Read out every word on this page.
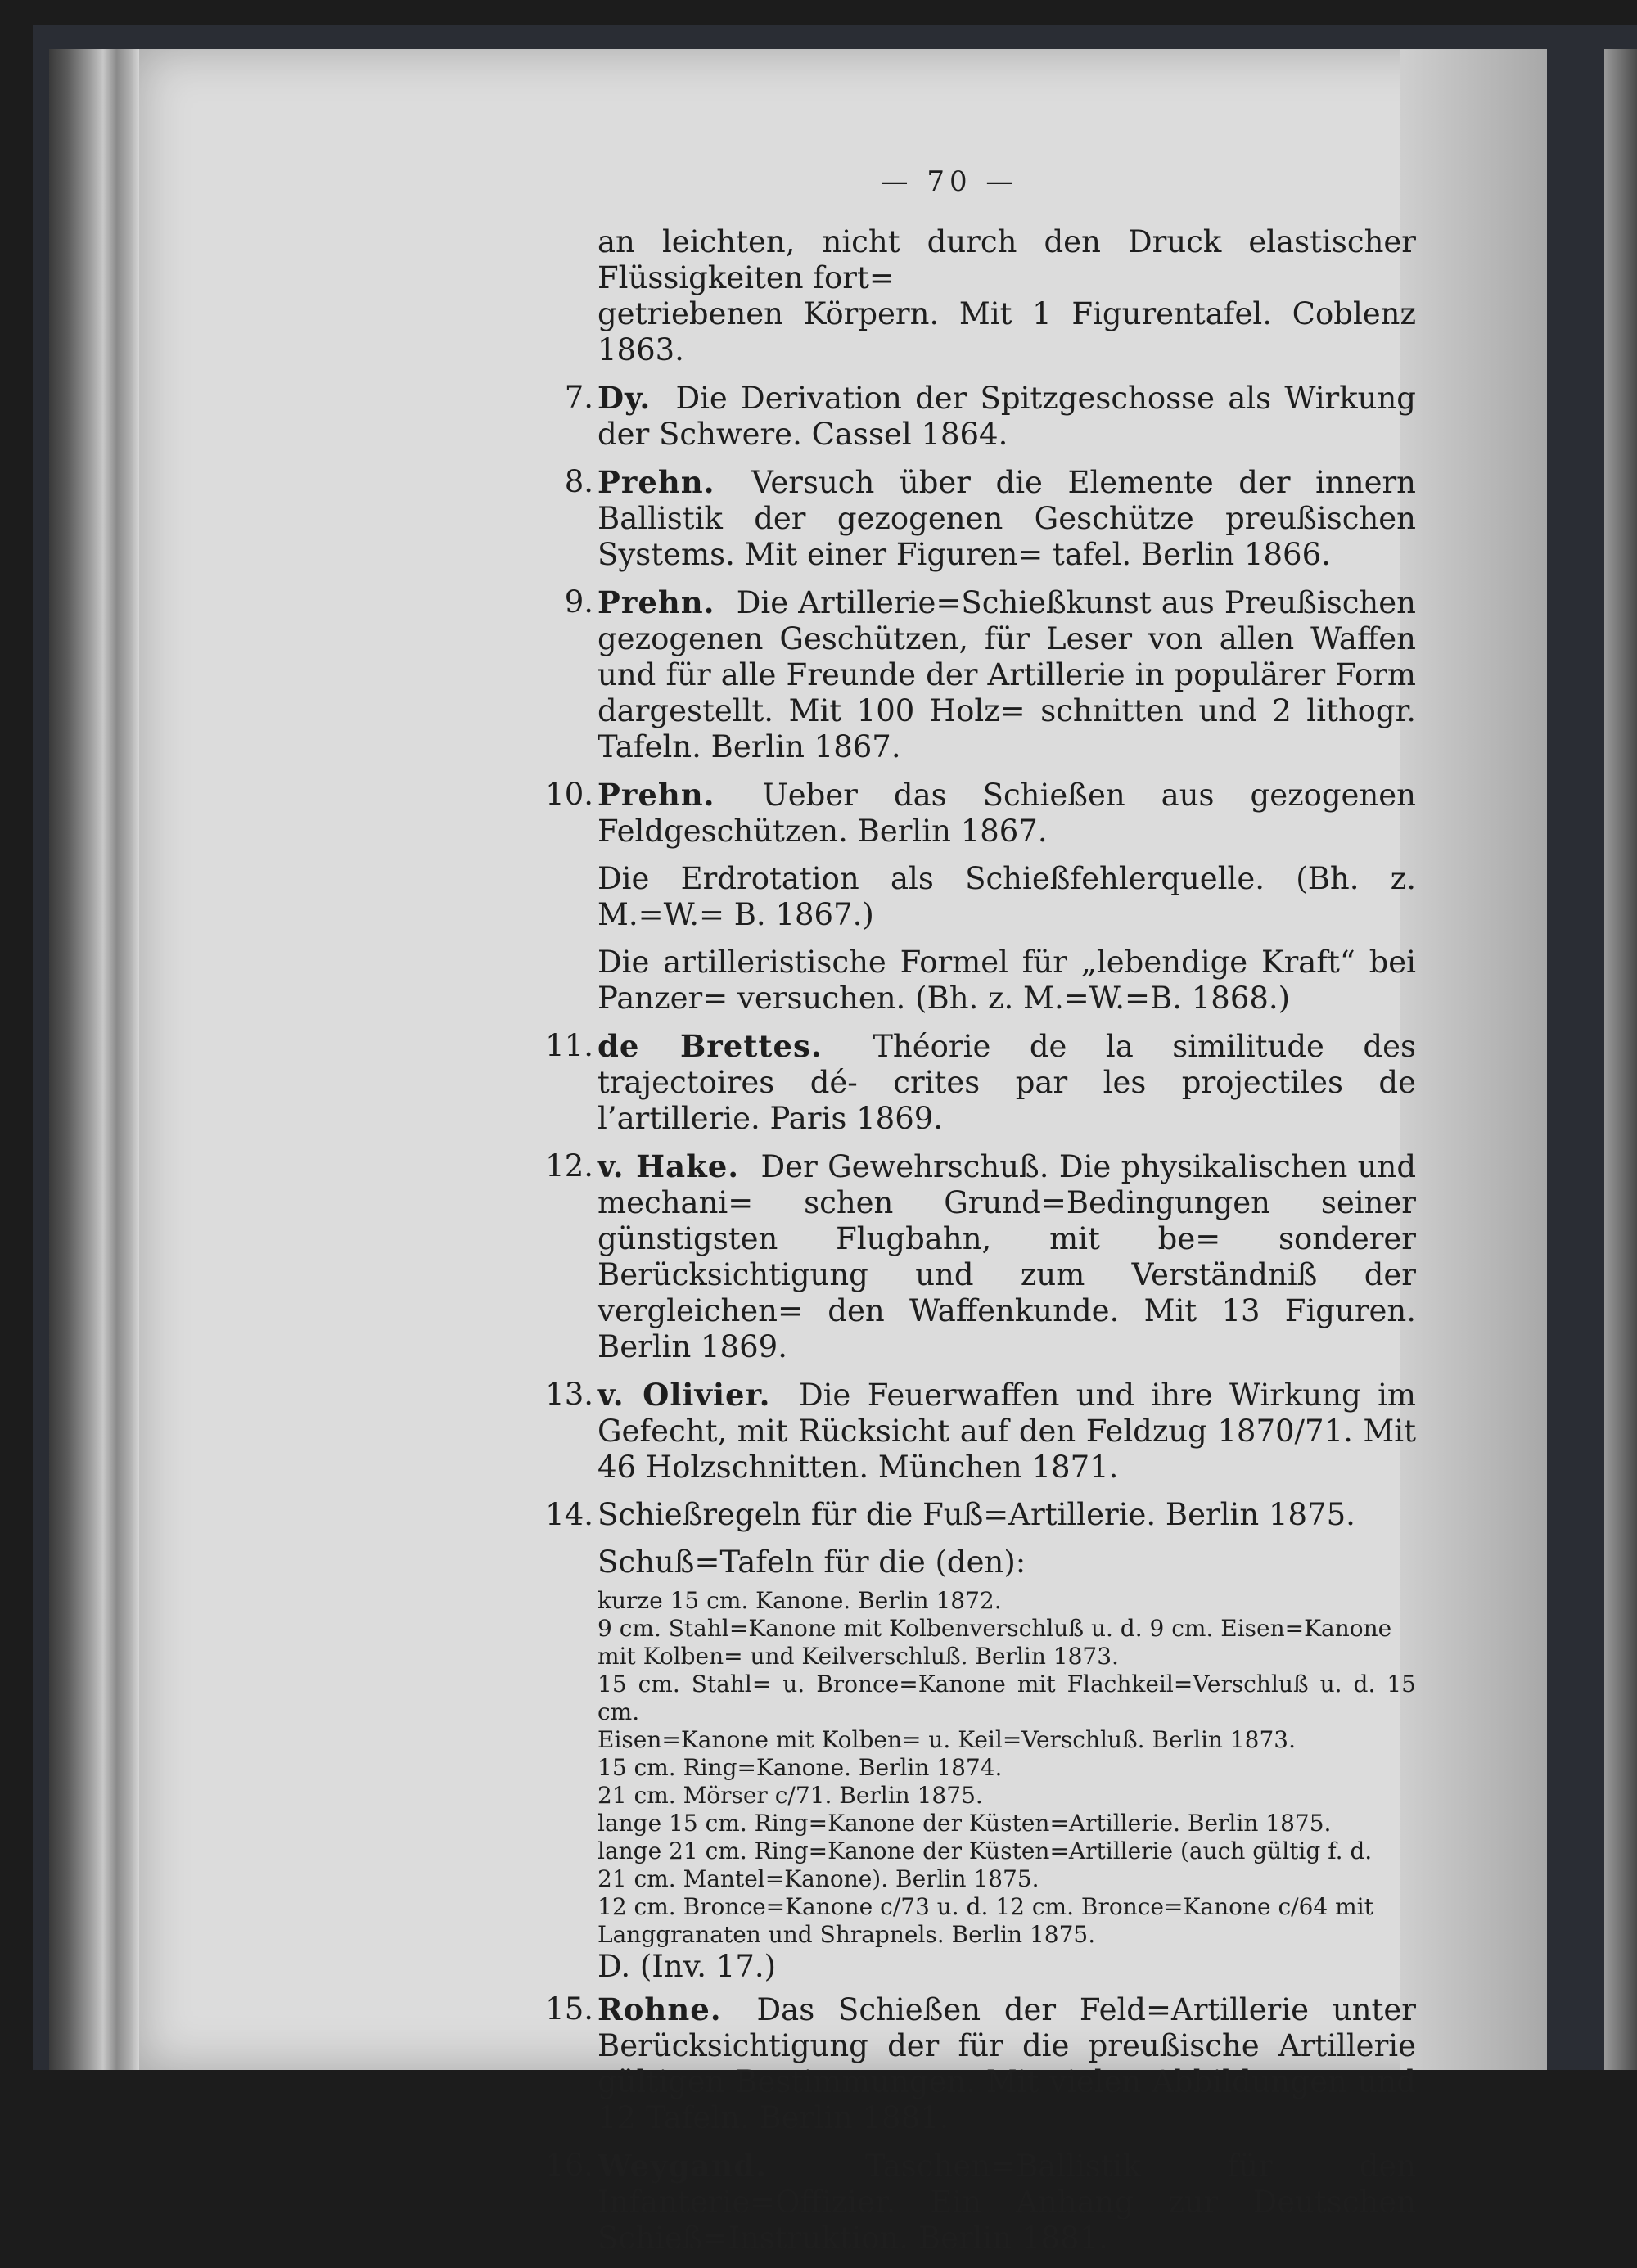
— 70 —
an leichten, nicht durch den Druck elastischer Flüssigkeiten fort=
getriebenen Körpern. Mit 1 Figurentafel. Coblenz 1863.
7. Dy. Die Derivation der Spitzgeschosse als Wirkung der Schwere. Cassel 1864.
8. Prehn. Versuch über die Elemente der innern Ballistik der gezogenen Geschütze preußischen Systems. Mit einer Figuren= tafel. Berlin 1866.
9. Prehn. Die Artillerie=Schießkunst aus Preußischen gezogenen Geschützen, für Leser von allen Waffen und für alle Freunde der Artillerie in populärer Form dargestellt. Mit 100 Holz= schnitten und 2 lithogr. Tafeln. Berlin 1867.
10. Prehn. Ueber das Schießen aus gezogenen Feldgeschützen. Berlin 1867.
Die Erdrotation als Schießfehlerquelle. (Bh. z. M.=W.= B. 1867.)
Die artilleristische Formel für „lebendige Kraft“ bei Panzer= versuchen. (Bh. z. M.=W.=B. 1868.)
11. de Brettes. Théorie de la similitude des trajectoires dé- crites par les projectiles de l’artillerie. Paris 1869.
12. v. Hake. Der Gewehrschuß. Die physikalischen und mechani= schen Grund=Bedingungen seiner günstigsten Flugbahn, mit be= sonderer Berücksichtigung und zum Verständniß der vergleichen= den Waffenkunde. Mit 13 Figuren. Berlin 1869.
13. v. Olivier. Die Feuerwaffen und ihre Wirkung im Gefecht, mit Rücksicht auf den Feldzug 1870/71. Mit 46 Holzschnitten. München 1871.
14. Schießregeln für die Fuß=Artillerie. Berlin 1875.
Schuß=Tafeln für die (den):
kurze 15 cm. Kanone. Berlin 1872.
9 cm. Stahl=Kanone mit Kolbenverschluß u. d. 9 cm. Eisen=Kanone
mit Kolben= und Keilverschluß. Berlin 1873.
15 cm. Stahl= u. Bronce=Kanone mit Flachkeil=Verschluß u. d. 15 cm.
Eisen=Kanone mit Kolben= u. Keil=Verschluß. Berlin 1873.
15 cm. Ring=Kanone. Berlin 1874.
21 cm. Mörser c/71. Berlin 1875.
lange 15 cm. Ring=Kanone der Küsten=Artillerie. Berlin 1875.
lange 21 cm. Ring=Kanone der Küsten=Artillerie (auch gültig f. d.
21 cm. Mantel=Kanone). Berlin 1875.
12 cm. Bronce=Kanone c/73 u. d. 12 cm. Bronce=Kanone c/64 mit
Langgranaten und Shrapnels. Berlin 1875.
D. (Inv. 17.)
15. Rohne. Das Schießen der Feld=Artillerie unter Berücksichtigung der für die preußische Artillerie gültigen Bestimmungen. Mit vielen Abbildungen und 12 Tafeln. Berlin 1881.
16. Weygand.	Taschen=Ballistik für den Infanterie=Offizier. Ein Anhang zur Deutschen Schieß=Instruktion. Berlin 1881.
